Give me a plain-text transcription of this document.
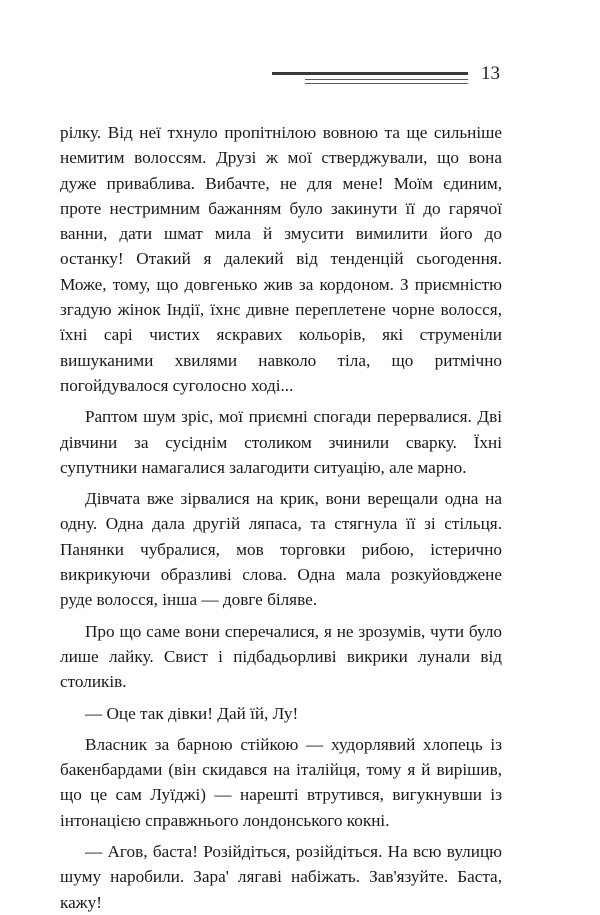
13

рілку. Від неї тхнуло пропітнілою вовною та ще сильніше немитим волоссям. Друзі ж мої стверджували, що вона дуже приваблива. Вибачте, не для мене! Моїм єдиним, проте нестримним бажанням було закинути її до гарячої ванни, дати шмат мила й змусити вимилити його до останку! Отакий я далекий від тенденцій сьогодення. Може, тому, що довгенько жив за кордоном. З приємністю згадую жінок Індії, їхнє дивне переплетене чорне волосся, їхні сарі чистих яскравих кольорів, які струменіли вишуканими хвилями навколо тіла, що ритмічно погойдувалося суголосно ході...

Раптом шум зріс, мої приємні спогади перервалися. Дві дівчини за сусіднім столиком зчинили сварку. Їхні супутники намагалися залагодити ситуацію, але марно.

Дівчата вже зірвалися на крик, вони верещали одна на одну. Одна дала другій ляпаса, та стягнула її зі стільця. Панянки чубралися, мов торговки рибою, істерично викрикуючи образливі слова. Одна мала розкуйовджене руде волосся, інша — довге біляве.

Про що саме вони сперечалися, я не зрозумів, чути було лише лайку. Свист і підбадьорливі викрики лунали від столиків.

— Оце так дівки! Дай їй, Лу!

Власник за барною стійкою — худорлявий хлопець із бакенбардами (він скидався на італійця, тому я й вирішив, що це сам Луїджі) — нарешті втрутився, вигукнувши із інтонацією справжнього лондонського кокні.

— Агов, баста! Розійдіться, розійдіться. На всю вулицю шуму наробили. Зара' лягаві набіжать. Зав'язуйте. Баста, кажу!
